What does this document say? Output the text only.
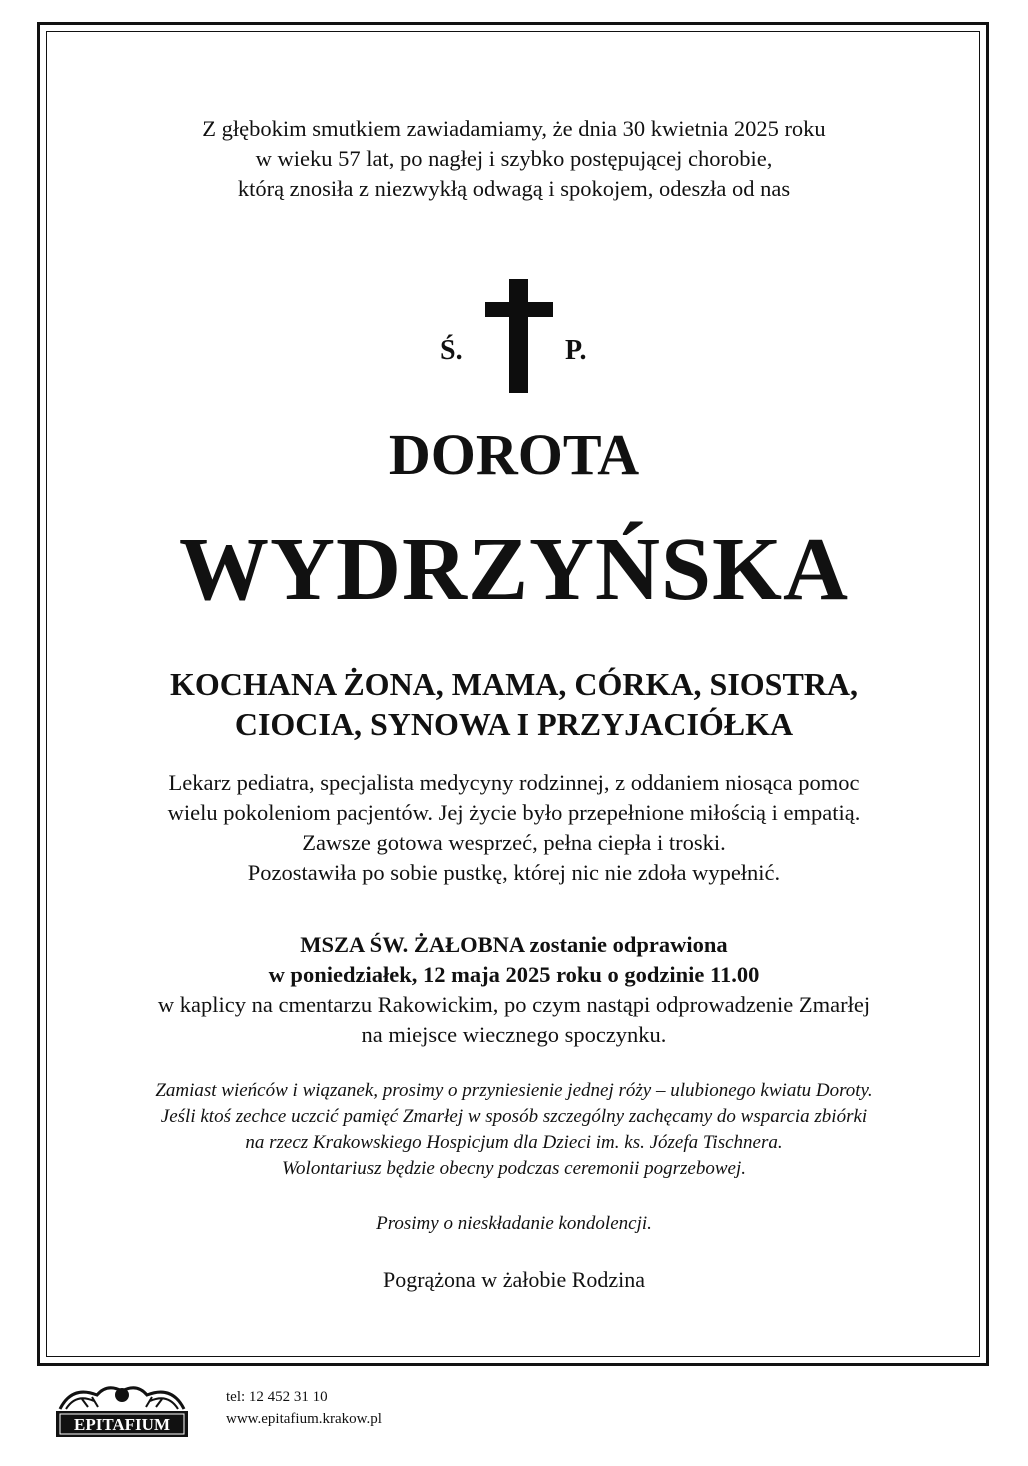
Z głębokim smutkiem zawiadamiamy, że dnia 30 kwietnia 2025 roku
w wieku 57 lat, po nagłej i szybko postępującej chorobie,
którą znosiła z niezwykłą odwagą i spokojem, odeszła od nas
Ś.	P.
DOROTA
WYDRZYŃSKA
KOCHANA ŻONA, MAMA, CÓRKA, SIOSTRA,
CIOCIA, SYNOWA I PRZYJACIÓŁKA
Lekarz pediatra, specjalista medycyny rodzinnej, z oddaniem niosąca pomoc
wielu pokoleniom pacjentów. Jej życie było przepełnione miłością i empatią.
Zawsze gotowa wesprzeć, pełna ciepła i troski.
Pozostawiła po sobie pustkę, której nic nie zdoła wypełnić.
MSZA ŚW. ŻAŁOBNA zostanie odprawiona
w poniedziałek, 12 maja 2025 roku o godzinie 11.00
w kaplicy na cmentarzu Rakowickim, po czym nastąpi odprowadzenie Zmarłej
na miejsce wiecznego spoczynku.
Zamiast wieńców i wiązanek, prosimy o przyniesienie jednej róży – ulubionego kwiatu Doroty.
Jeśli ktoś zechce uczcić pamięć Zmarłej w sposób szczególny zachęcamy do wsparcia zbiórki
na rzecz Krakowskiego Hospicjum dla Dzieci im. ks. Józefa Tischnera.
Wolontariusz będzie obecny podczas ceremonii pogrzebowej.
Prosimy o nieskładanie kondolencji.
Pogrążona w żałobie Rodzina
EPITAFIUM
tel: 12 452 31 10
www.epitafium.krakow.pl
